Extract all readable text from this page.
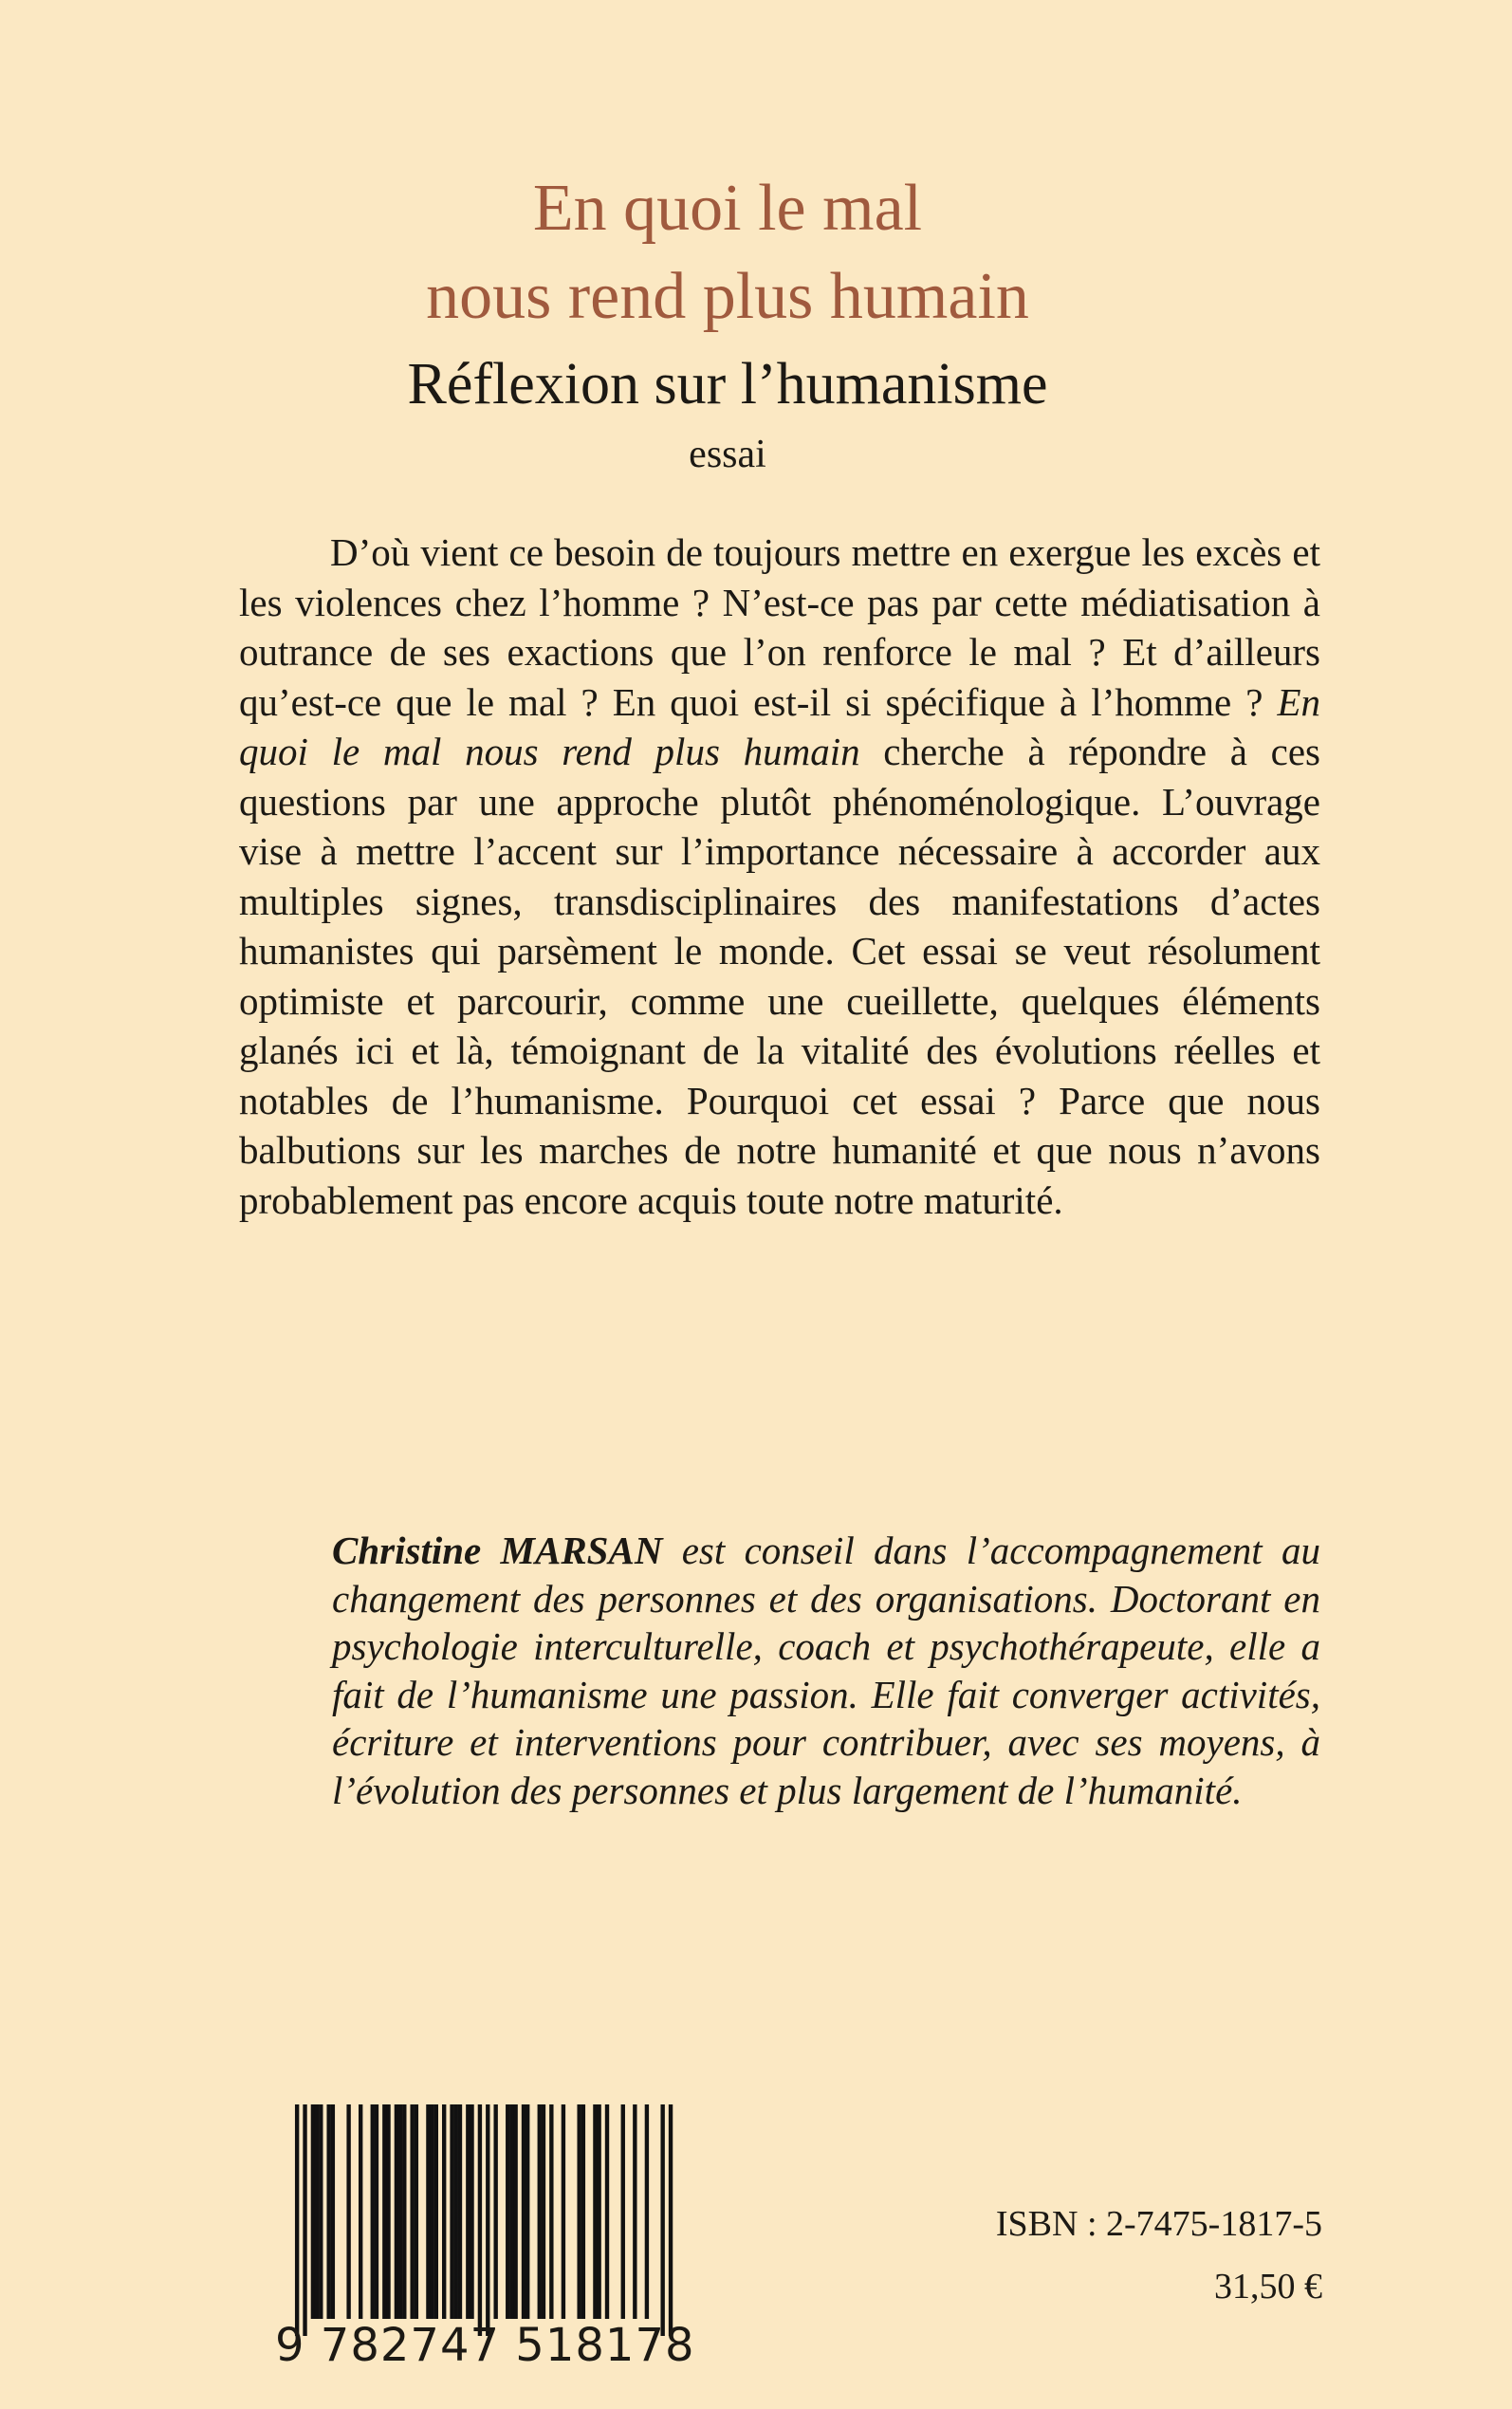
En quoi le mal
nous rend plus humain
Réflexion sur l’humanisme
essai

D’où vient ce besoin de toujours mettre en exergue les excès et les violences chez l’homme ? N’est-ce pas par cette médiatisation à outrance de ses exactions que l’on renforce le mal ? Et d’ailleurs qu’est-ce que le mal ? En quoi est-il si spécifique à l’homme ? En quoi le mal nous rend plus humain cherche à répondre à ces questions par une approche plutôt phénoménologique. L’ouvrage vise à mettre l’accent sur l’importance nécessaire à accorder aux multiples signes, transdisciplinaires des manifestations d’actes humanistes qui parsèment le monde. Cet essai se veut résolument optimiste et parcourir, comme une cueillette, quelques éléments glanés ici et là, témoignant de la vitalité des évolutions réelles et notables de l’humanisme. Pourquoi cet essai ? Parce que nous balbutions sur les marches de notre humanité et que nous n’avons probablement pas encore acquis toute notre maturité.

Christine MARSAN est conseil dans l’accompagnement au changement des personnes et des organisations. Doctorant en psychologie interculturelle, coach et psychothérapeute, elle a fait de l’humanisme une passion. Elle fait converger activités, écriture et interventions pour contribuer, avec ses moyens, à l’évolution des personnes et plus largement de l’humanité.

9 782747 518178
ISBN : 2-7475-1817-5
31,50 €
